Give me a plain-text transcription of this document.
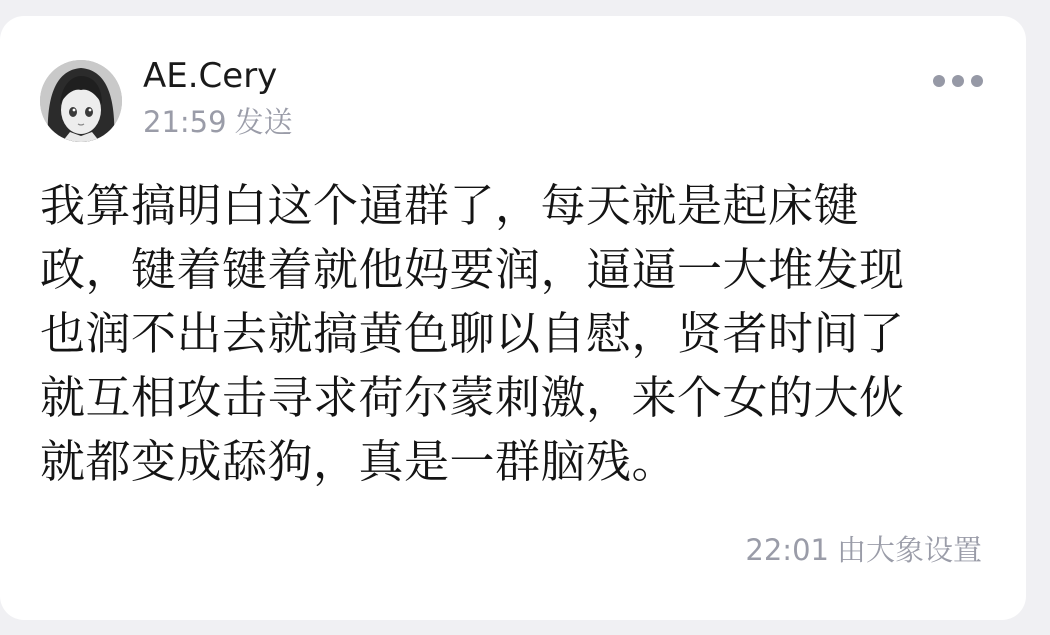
AE.Cery
21:59 发送
我算搞明白这个逼群了，每天就是起床键
政，键着键着就他妈要润，逼逼一大堆发现
也润不出去就搞黄色聊以自慰，贤者时间了
就互相攻击寻求荷尔蒙刺激，来个女的大伙
就都变成舔狗，真是一群脑残。
22:01 由大象设置
